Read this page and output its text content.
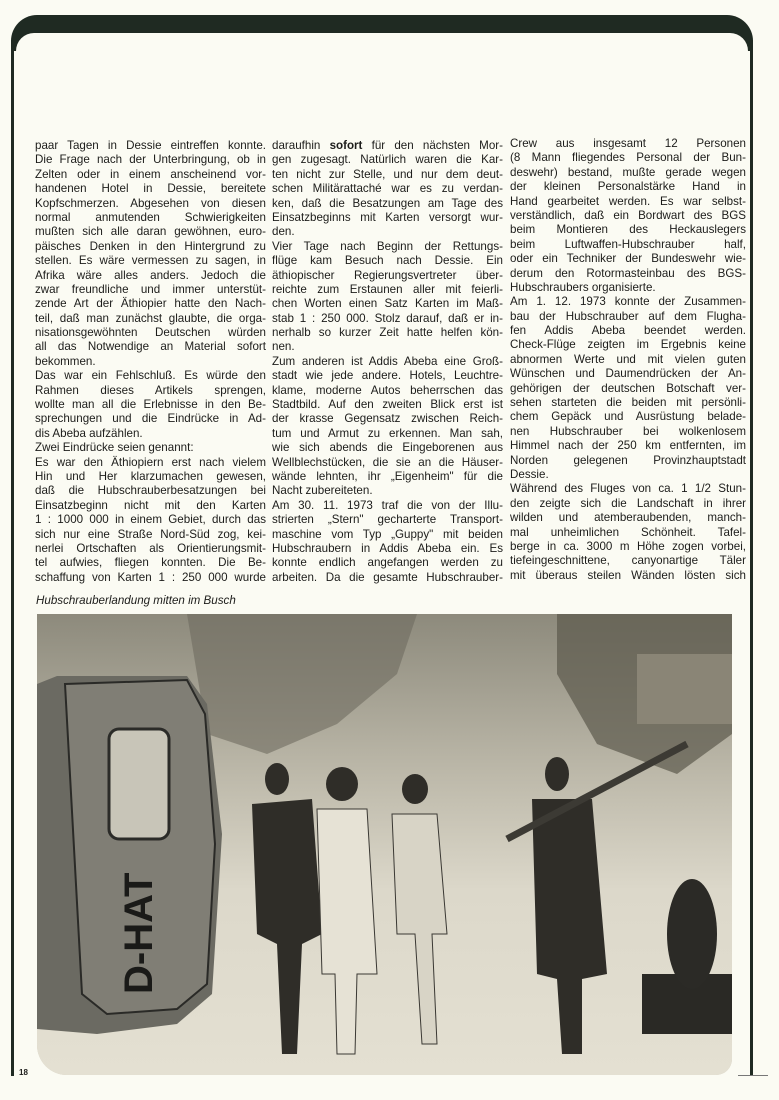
paar Tagen in Dessie eintreffen konnte.
Die Frage nach der Unterbringung, ob in
Zelten oder in einem anscheinend vor-
handenen Hotel in Dessie, bereitete
Kopfschmerzen. Abgesehen von diesen
normal anmutenden Schwierigkeiten
mußten sich alle daran gewöhnen, euro-
päisches Denken in den Hintergrund zu
stellen. Es wäre vermessen zu sagen, in
Afrika wäre alles anders. Jedoch die
zwar freundliche und immer unterstüt-
zende Art der Äthiopier hatte den Nach-
teil, daß man zunächst glaubte, die orga-
nisationsgewöhnten Deutschen würden
all das Notwendige an Material sofort
bekommen.
Das war ein Fehlschluß. Es würde den
Rahmen dieses Artikels sprengen,
wollte man all die Erlebnisse in den Be-
sprechungen und die Eindrücke in Ad-
dis Abeba aufzählen.
Zwei Eindrücke seien genannt:
Es war den Äthiopiern erst nach vielem
Hin und Her klarzumachen gewesen,
daß die Hubschrauberbesatzungen bei
Einsatzbeginn nicht mit den Karten
1 : 1000 000 in einem Gebiet, durch das
sich nur eine Straße Nord-Süd zog, kei-
nerlei Ortschaften als Orientierungsmit-
tel aufwies, fliegen konnten. Die Be-
schaffung von Karten 1 : 250 000 wurde
daraufhin sofort für den nächsten Mor-
gen zugesagt. Natürlich waren die Kar-
ten nicht zur Stelle, und nur dem deut-
schen Militärattaché war es zu verdan-
ken, daß die Besatzungen am Tage des
Einsatzbeginns mit Karten versorgt wur-
den.
Vier Tage nach Beginn der Rettungs-
flüge kam Besuch nach Dessie. Ein
äthiopischer Regierungsvertreter über-
reichte zum Erstaunen aller mit feierli-
chen Worten einen Satz Karten im Maß-
stab 1 : 250 000. Stolz darauf, daß er in-
nerhalb so kurzer Zeit hatte helfen kön-
nen.
Zum anderen ist Addis Abeba eine Groß-
stadt wie jede andere. Hotels, Leuchtre-
klame, moderne Autos beherrschen das
Stadtbild. Auf den zweiten Blick erst ist
der krasse Gegensatz zwischen Reich-
tum und Armut zu erkennen. Man sah,
wie sich abends die Eingeborenen aus
Wellblechstücken, die sie an die Häuser-
wände lehnten, ihr „Eigenheim" für die
Nacht zubereiteten.
Am 30. 11. 1973 traf die von der Illu-
strierten „Stern" gecharterte Transport-
maschine vom Typ „Guppy" mit beiden
Hubschraubern in Addis Abeba ein. Es
konnte endlich angefangen werden zu
arbeiten. Da die gesamte Hubschrauber-
Crew aus insgesamt 12 Personen
(8 Mann fliegendes Personal der Bun-
deswehr) bestand, mußte gerade wegen
der kleinen Personalstärke Hand in
Hand gearbeitet werden. Es war selbst-
verständlich, daß ein Bordwart des BGS
beim Montieren des Heckauslegers
beim Luftwaffen-Hubschrauber half,
oder ein Techniker der Bundeswehr wie-
derum den Rotormasteinbau des BGS-
Hubschraubers organisierte.
Am 1. 12. 1973 konnte der Zusammen-
bau der Hubschrauber auf dem Flugha-
fen Addis Abeba beendet werden.
Check-Flüge zeigten im Ergebnis keine
abnormen Werte und mit vielen guten
Wünschen und Daumendrücken der An-
gehörigen der deutschen Botschaft ver-
sehen starteten die beiden mit persönli-
chem Gepäck und Ausrüstung belade-
nen Hubschrauber bei wolkenlosem
Himmel nach der 250 km entfernten, im
Norden gelegenen Provinzhauptstadt
Dessie.
Während des Fluges von ca. 1 1/2 Stun-
den zeigte sich die Landschaft in ihrer
wilden und atemberaubenden, manch-
mal unheimlichen Schönheit. Tafel-
berge in ca. 3000 m Höhe zogen vorbei,
tiefeingeschnittene, canyonartige Täler
mit überaus steilen Wänden lösten sich
Hubschrauberlandung mitten im Busch
D-HAT
18
